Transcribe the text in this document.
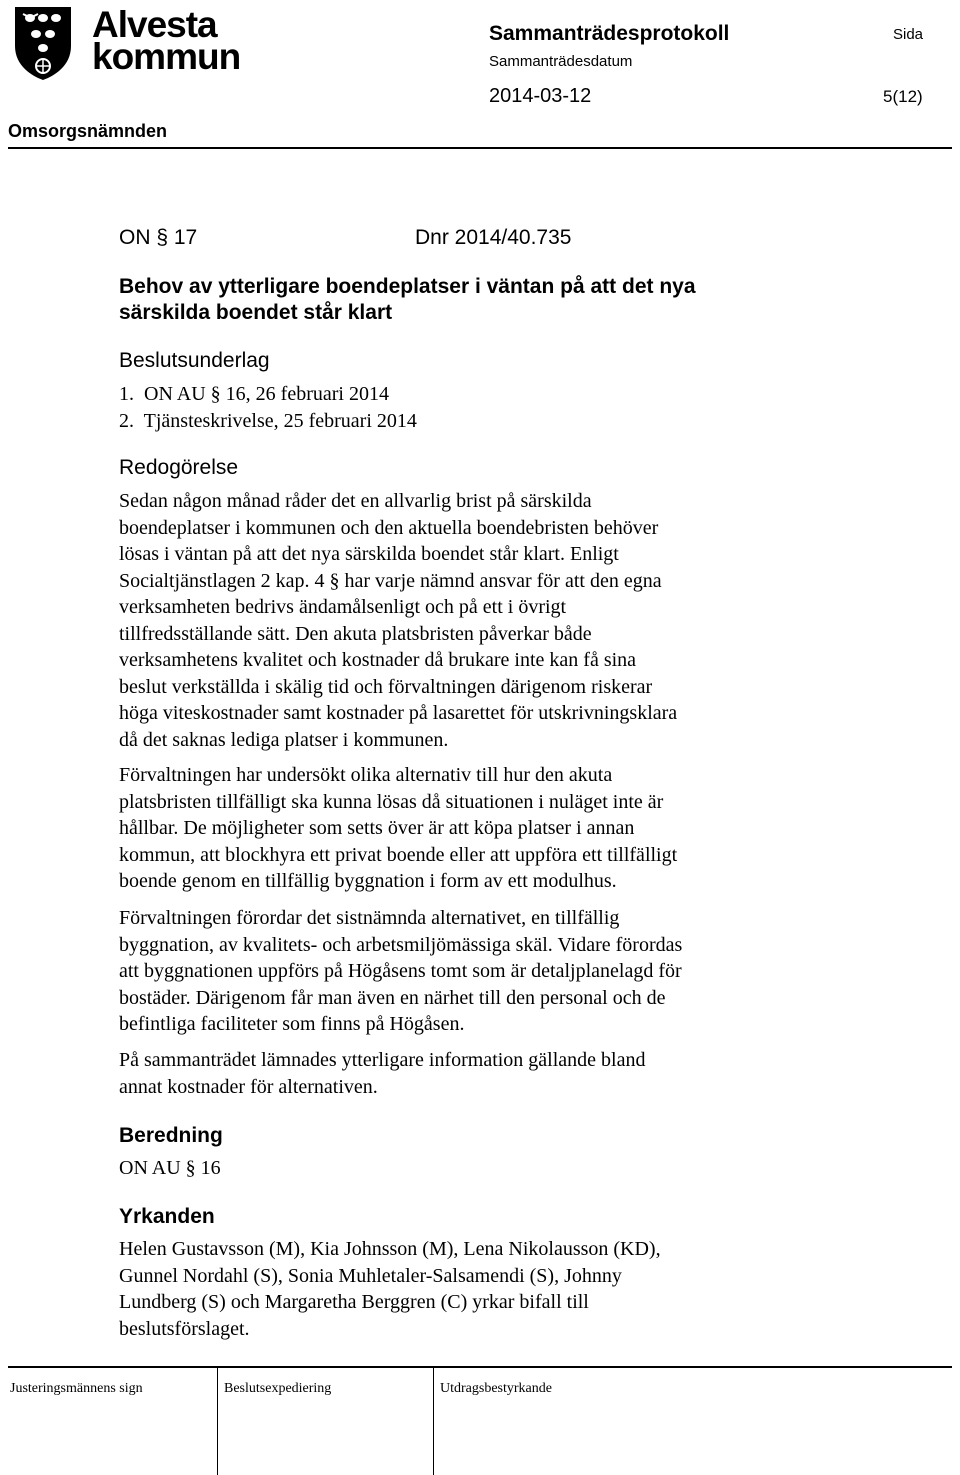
Alvesta
kommun
Sammanträdesprotokoll	Sida
Sammanträdesdatum
2014-03-12	5(12)
Omsorgsnämnden
ON § 17	Dnr 2014/40.735
Behov av ytterligare boendeplatser i väntan på att det nya
särskilda boendet står klart
Beslutsunderlag
1.  ON AU § 16, 26 februari 2014
2.  Tjänsteskrivelse, 25 februari 2014
Redogörelse
Sedan någon månad råder det en allvarlig brist på särskilda
boendeplatser i kommunen och den aktuella boendebristen behöver
lösas i väntan på att det nya särskilda boendet står klart. Enligt
Socialtjänstlagen 2 kap. 4 § har varje nämnd ansvar för att den egna
verksamheten bedrivs ändamålsenligt och på ett i övrigt
tillfredsställande sätt. Den akuta platsbristen påverkar både
verksamhetens kvalitet och kostnader då brukare inte kan få sina
beslut verkställda i skälig tid och förvaltningen därigenom riskerar
höga viteskostnader samt kostnader på lasarettet för utskrivningsklara
då det saknas lediga platser i kommunen.
Förvaltningen har undersökt olika alternativ till hur den akuta
platsbristen tillfälligt ska kunna lösas då situationen i nuläget inte är
hållbar. De möjligheter som setts över är att köpa platser i annan
kommun, att blockhyra ett privat boende eller att uppföra ett tillfälligt
boende genom en tillfällig byggnation i form av ett modulhus.
Förvaltningen förordar det sistnämnda alternativet, en tillfällig
byggnation, av kvalitets- och arbetsmiljömässiga skäl. Vidare förordas
att byggnationen uppförs på Högåsens tomt som är detaljplanelagd för
bostäder. Därigenom får man även en närhet till den personal och de
befintliga faciliteter som finns på Högåsen.
På sammanträdet lämnades ytterligare information gällande bland
annat kostnader för alternativen.
Beredning
ON AU § 16
Yrkanden
Helen Gustavsson (M), Kia Johnsson (M), Lena Nikolausson (KD),
Gunnel Nordahl (S), Sonia Muhletaler-Salsamendi (S), Johnny
Lundberg (S) och Margaretha Berggren (C) yrkar bifall till
beslutsförslaget.
Justeringsmännens sign	Beslutsexpediering	Utdragsbestyrkande
